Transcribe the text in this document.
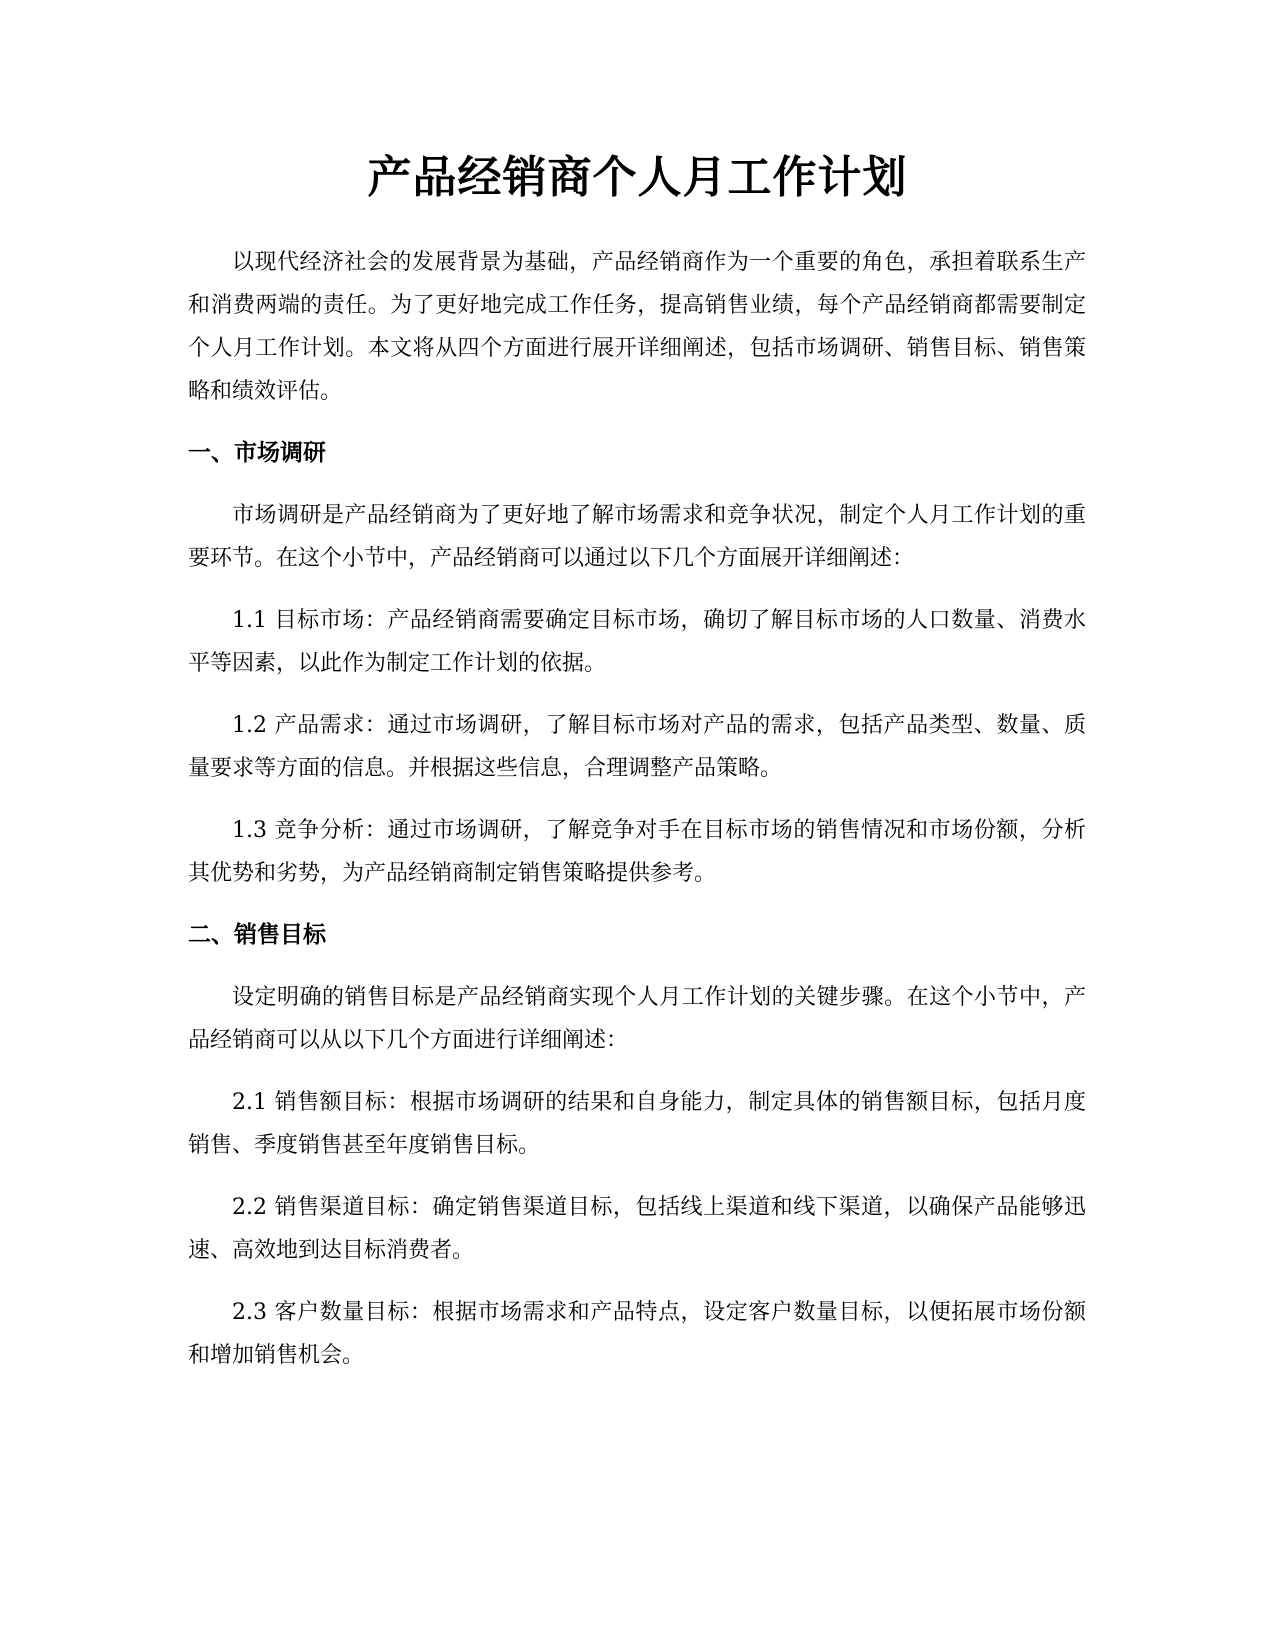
产品经销商个人月工作计划

以现代经济社会的发展背景为基础，产品经销商作为一个重要的角色，承担着联系生产和消费两端的责任。为了更好地完成工作任务，提高销售业绩，每个产品经销商都需要制定个人月工作计划。本文将从四个方面进行展开详细阐述，包括市场调研、销售目标、销售策略和绩效评估。

一、市场调研

市场调研是产品经销商为了更好地了解市场需求和竞争状况，制定个人月工作计划的重要环节。在这个小节中，产品经销商可以通过以下几个方面展开详细阐述：

1.1 目标市场：产品经销商需要确定目标市场，确切了解目标市场的人口数量、消费水平等因素，以此作为制定工作计划的依据。

1.2 产品需求：通过市场调研，了解目标市场对产品的需求，包括产品类型、数量、质量要求等方面的信息。并根据这些信息，合理调整产品策略。

1.3 竞争分析：通过市场调研，了解竞争对手在目标市场的销售情况和市场份额，分析其优势和劣势，为产品经销商制定销售策略提供参考。

二、销售目标

设定明确的销售目标是产品经销商实现个人月工作计划的关键步骤。在这个小节中，产品经销商可以从以下几个方面进行详细阐述：

2.1 销售额目标：根据市场调研的结果和自身能力，制定具体的销售额目标，包括月度销售、季度销售甚至年度销售目标。

2.2 销售渠道目标：确定销售渠道目标，包括线上渠道和线下渠道，以确保产品能够迅速、高效地到达目标消费者。

2.3 客户数量目标：根据市场需求和产品特点，设定客户数量目标，以便拓展市场份额和增加销售机会。
